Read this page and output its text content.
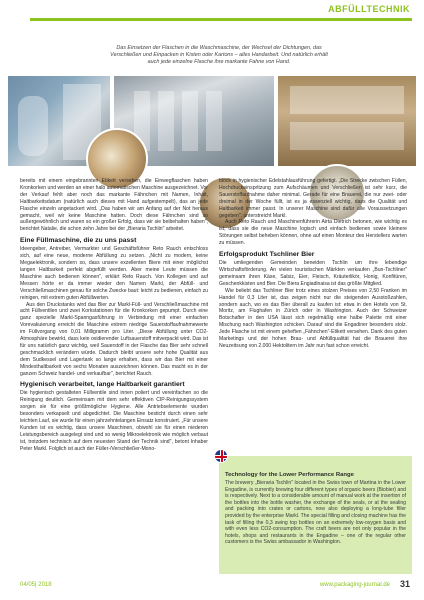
ABFÜLLTECHNIK
Das Einsetzen der Flaschen in die Waschmaschine, der Wechsel der Dichtungen, das Verschließen und Einpacken in Kisten oder Kartons – alles Handarbeit. Und natürlich erhält auch jede einzelne Flasche ihre markante Fahne von Hand.

bereits mit einem eingebrannten Etikett versehen, die Einwegflaschen haben Kronkorken und werden an einer halb automatischen Maschine ausgezeichnet. Vor der Verkauf fehlt aber noch das markante Fähnchen mit Namen, Inhalt, Haltbarkeitsdatum (natürlich auch dieses mit Hand aufgestempelt), das an jede Flasche einzeln angetackert wird. „Das haben wir am Anfang auf der Not heraus gemacht, weil wir keine Maschine hatten. Doch diese Fähnchen sind so außergewöhnlich und waren so ein großer Erfolg, dass wir sie beibehalten haben", berichtet Natalie, die schon zehn Jahre bei der „Bieraria Tschlin" arbeitet.

Eine Füllmaschine, die zu uns passt

Ideengeber, Antreiber, Vermarkter und Geschäftsführer Reto Rauch entschloss sich, auf eine neue, moderne Abfüllung zu setzen. „Nicht zu modern, keine Megaelektronik, sondern so, dass unsere exzellenten Biere mit einer möglichst langen Haltbarkeit perfekt abgefüllt werden. Aber meine Leute müssen die Maschine auch bedienen können", erklärt Reto Rauch. Von Kollegen und auf Messen hörte er da immer wieder den Namen Markl, der Abfüll- und Verschließmaschinen genau für solche Zwecke baut: leicht zu bedienen, einfach zu reinigen, mit extrem guten Abfüllwerten.

Aus den Druckstanks wird das Bier zur Markl-Füll- und Verschließmaschine mit acht Füllventilen und zwei Korkstationen für die Kronkorken gepumpt. Durch eine ganz spezielle Markl-Spanngasführung in Verbindung mit einer einfachen Vorevakuierung erreicht die Maschine extrem niedrige Sauerstoffaufnahmewerte im Füllvorgang von 0,01 Milligramm pro Liter. „Diese Abfüllung unter CO2-Atmosphäre bewirkt, dass kein oxidierender Luftsauerstoff mitverpackt wird. Das ist für uns natürlich ganz wichtig, weil Sauerstoff in der Flasche das Bier sehr schnell geschmacklich verändern würde. Dadurch bleibt unsere sehr hohe Qualität aus dem Sudkessel und Lagertank so lange erhalten, dass wir das Bier mit einer Mindesthaltbarkeit von sechs Monaten auszeichnen können. Das macht es in der ganzen Schweiz handel- und verkaufbar", berichtet Rauch.

Hygienisch verarbeitet, lange Haltbarkeit garantiert

Die hygienisch gestalteten Füllventile sind innen poliert und vereinfachen so die Reinigung deutlich. Gemeinsam mit dem sehr effektiven CIP-Reinigungssystem sorgen sie für eine größtmögliche Hygiene. Alle Antriebselemente wurden besonders verkapselt und abgedichtet. Die Maschine besticht durch einen sehr leichten Lauf, sie wurde für einen jahrzehntelangen Einsatz konstruiert. „Für unsere Kunden ist es wichtig, dass unsere Maschinen, obwohl sie für einen niederen Leistungsbereich ausgelegt sind und so wenig Mikroelektronik wie möglich verbaut ist, trotzdem technisch auf dem neuesten Stand der Technik sind", betont Inhaber Peter Markl. Folglich ist auch der Füller-/Verschließer-Mono-

block in hygienischer Edelstahlausführung gefertigt. „Die Strecke zwischen Füllen, Hochdruckeinspritzung zum Aufschäumen und Verschließen ist sehr kurz, die Sauerstoffaufnahme daher minimal. Gerade für eine Brauerei, die nur zwei- oder dreimal in der Woche füllt, ist es ja essenziell wichtig, dass die Qualität und Haltbarkeit immer passt. In unserer Maschine sind dafür alle Voraussetzungen gegeben", unterstreicht Markl.

Auch Reto Rauch und Maschinenführerin Airta Dietrich betonen, wie wichtig es ist, dass sie die neue Maschine logisch und einfach bedienen sowie kleinere Störungen selbst beheben können, ohne auf einen Monteur des Herstellers warten zu müssen.

Erfolgsprodukt Tschliner Bier

Die umliegenden Gemeinden beneiden Tschlin um ihre lebendige Wirtschaftsförderung. An vielen touristischen Märkten verkaufen „Bun-Tschliner" gemeinsam ihren Käse, Salsiz, Eier, Fleisch, Kräuterlikör, Honig, Konfitüren, Geschenkkisten und Bier. Die Biera Engiadinaisa ist das größte Mitglied.

Wie beliebt das Tschliner Bier trotz eines stolzen Preises von 2,50 Franken im Handel für 0,3 Liter ist, das zeigen nicht nur die steigenden Ausstoßzahlen, sondern auch, wo es das Bier überall zu kaufen ist: etwa in den Hotels von St. Moritz, am Flughafen in Zürich oder in Washington. Auch der Schweizer Botschafter in den USA lässt sich regelmäßig eine halbe Palette mit einer Mischung nach Washington schicken. Darauf sind die Engadiner besonders stolz. Jede Flasche ist mit einem geheften „Fähnchen"-Etikett versehen. Dank des guten Marketings und der hohen Brau- und Abfüllqualität hat die Brauerei ihre Neuzeitsung von 2.000 Hektolitern im Jahr nun fast schon erreicht.

Technology for the Lower Performance Range

The brewery „Bieraria Tschlin" located in the Swiss town of Martina in the Lower Engadine, is currently brewing four different types of organic beers (Biobier) and is respectively. Next to a considerable amount of manual work at the insertion of the bottles into the bottle washer, the exchange of the seals, or at the sealing and packing into crates or cartons, now also deploying a long-tube filler provided by the enterprise Markl. The special filling and closing machine has the task of filling the 0,3 swing top bottles on an extremely low-oxygen basis and with even less CO2-consumption. The craft beers are not only popular in the hotels, shops and restaurants in the Engadine – one of the regular other customers is the Swiss ambassador in Washington.

04/05| 2018	www.packaging-journal.de 31
